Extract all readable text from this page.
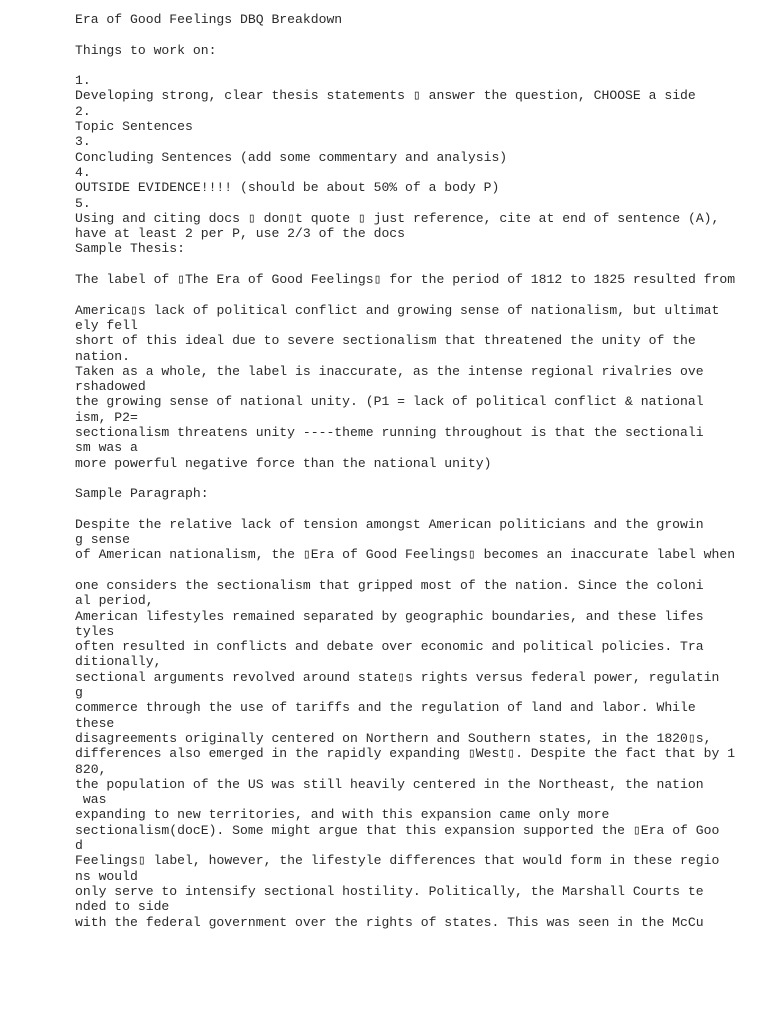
Era of Good Feelings DBQ Breakdown
Things to work on:
1.
Developing strong, clear thesis statements ▯ answer the question, CHOOSE a side
2.
Topic Sentences
3.
Concluding Sentences (add some commentary and analysis)
4.
OUTSIDE EVIDENCE!!!! (should be about 50% of a body P)
5.
Using and citing docs ▯ don▯t quote ▯ just reference, cite at end of sentence (A),
have at least 2 per P, use 2/3 of the docs
Sample Thesis:
The label of ▯The Era of Good Feelings▯ for the period of 1812 to 1825 resulted from
America▯s lack of political conflict and growing sense of nationalism, but ultimat
ely fell
short of this ideal due to severe sectionalism that threatened the unity of the
nation.
Taken as a whole, the label is inaccurate, as the intense regional rivalries ove
rshadowed
the growing sense of national unity. (P1 = lack of political conflict & national
ism, P2=
sectionalism threatens unity ----theme running throughout is that the sectionali
sm was a
more powerful negative force than the national unity)
Sample Paragraph:
Despite the relative lack of tension amongst American politicians and the growin
g sense
of American nationalism, the ▯Era of Good Feelings▯ becomes an inaccurate label when
one considers the sectionalism that gripped most of the nation. Since the coloni
al period,
American lifestyles remained separated by geographic boundaries, and these lifes
tyles
often resulted in conflicts and debate over economic and political policies. Tra
ditionally,
sectional arguments revolved around state▯s rights versus federal power, regulatin
g
commerce through the use of tariffs and the regulation of land and labor. While
these
disagreements originally centered on Northern and Southern states, in the 1820▯s,
differences also emerged in the rapidly expanding ▯West▯. Despite the fact that by 1
820,
the population of the US was still heavily centered in the Northeast, the nation
was
expanding to new territories, and with this expansion came only more
sectionalism(docE). Some might argue that this expansion supported the ▯Era of Goo
d
Feelings▯ label, however, the lifestyle differences that would form in these regio
ns would
only serve to intensify sectional hostility. Politically, the Marshall Courts te
nded to side
with the federal government over the rights of states. This was seen in the McCu
